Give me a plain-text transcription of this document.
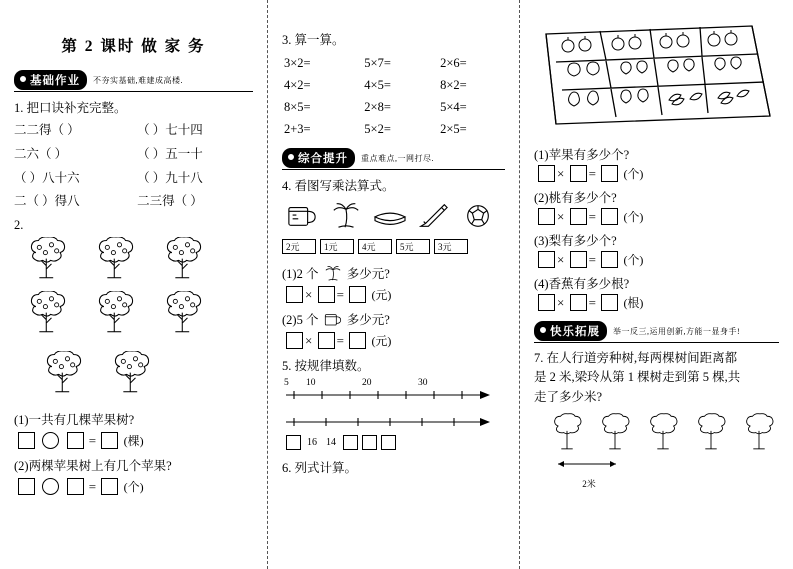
第 2 课时 做 家 务
基础作业	不夯实基础,难建成高楼.
1. 把口诀补充完整。
二二得（ ）	（ ）七十四
二六（ ）	（ ）五一十
（ ）八十六	（ ）九十八
二（ ）得八	二三得（ ）
2.
(1)一共有几棵苹果树?
= (棵)
(2)两棵苹果树上有几个苹果?
= (个)
3. 算一算。
3×2=	5×7=	2×6=
4×2=	4×5=	8×2=
8×5=	2×8=	5×4=
2+3=	5×2=	2×5=
综合提升	重点难点,一网打尽.
4. 看图写乘法算式。
2元	1元	4元	5元	3元
(1)2 个 多少元?
× = (元)
(2)5 个 多少元?
× = (元)
5. 按规律填数。
5	10	20	30
16 14
6. 列式计算。
(1)苹果有多少个?
× = (个)
(2)桃有多少个?
× = (个)
(3)梨有多少个?
× = (个)
(4)香蕉有多少根?
× = (根)
快乐拓展	举一反三,运用创新,方能一显身手!
7. 在人行道旁种树,每两棵树间距离都
是 2 米,梁玲从第 1 棵树走到第 5 棵,共
走了多少米?
2米
